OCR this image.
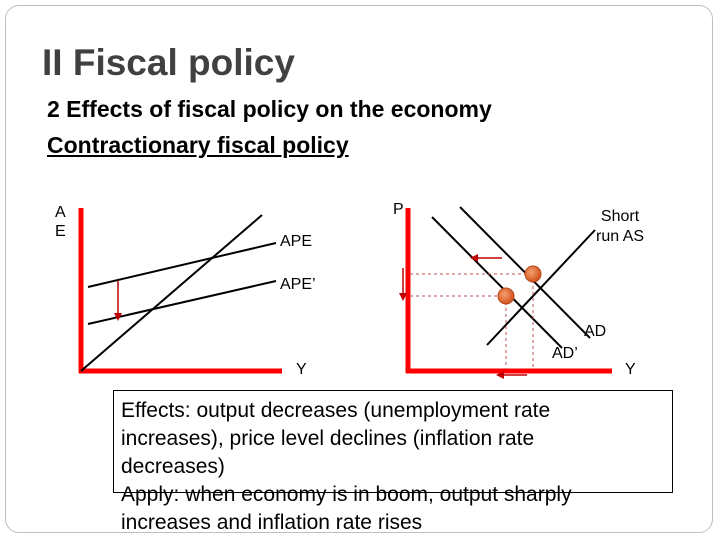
II Fiscal policy
2 Effects of fiscal policy on the economy
Contractionary fiscal policy
A
E
Y
APE
APE’
P	Short
run AS
AD
AD’
Y

Effects: output decreases (unemployment rate

increases), price level declines (inflation rate

decreases)

Apply: when economy is in boom, output sharply

increases and inflation rate rises
